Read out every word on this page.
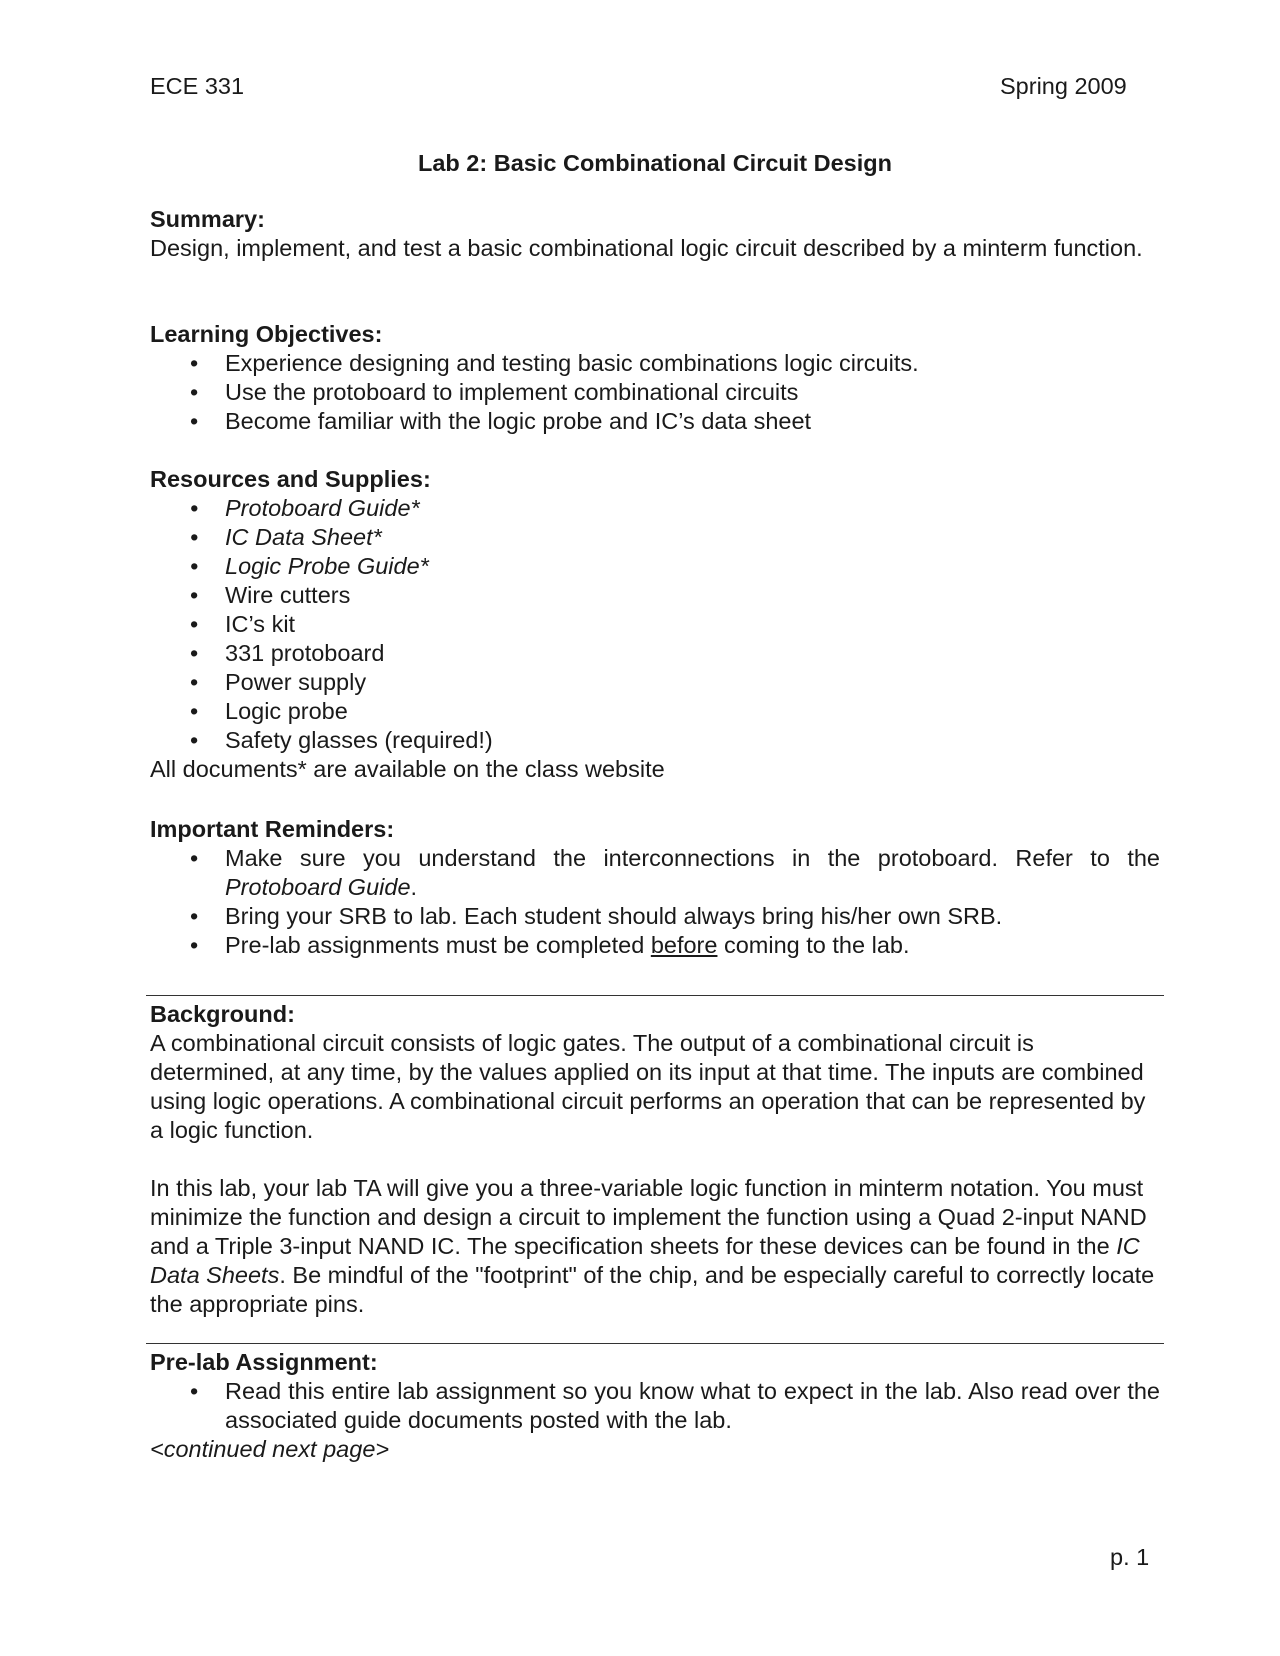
ECE 331	Spring 2009
Lab 2: Basic Combinational Circuit Design
Summary:

Design, implement, and test a basic combinational logic circuit described by a minterm function.

Learning Objectives:
• Experience designing and testing basic combinations logic circuits.
• Use the protoboard to implement combinational circuits
• Become familiar with the logic probe and IC’s data sheet
Resources and Supplies:
• Protoboard Guide*
• IC Data Sheet*
• Logic Probe Guide*
• Wire cutters
• IC’s kit
• 331 protoboard
• Power supply
• Logic probe
• Safety glasses (required!)

All documents* are available on the class website

Important Reminders:
• Make sure you understand the interconnections in the protoboard. Refer to the Protoboard Guide.
• Bring your SRB to lab. Each student should always bring his/her own SRB.
• Pre-lab assignments must be completed before coming to the lab.
Background:

A combinational circuit consists of logic gates. The output of a combinational circuit is determined, at any time, by the values applied on its input at that time. The inputs are combined using logic operations. A combinational circuit performs an operation that can be represented by a logic function.

In this lab, your lab TA will give you a three-variable logic function in minterm notation. You must minimize the function and design a circuit to implement the function using a Quad 2-input NAND and a Triple 3-input NAND IC. The specification sheets for these devices can be found in the IC Data Sheets. Be mindful of the "footprint" of the chip, and be especially careful to correctly locate the appropriate pins.

Pre-lab Assignment:
• Read this entire lab assignment so you know what to expect in the lab. Also read over the associated guide documents posted with the lab.

<continued next page>

p. 1
